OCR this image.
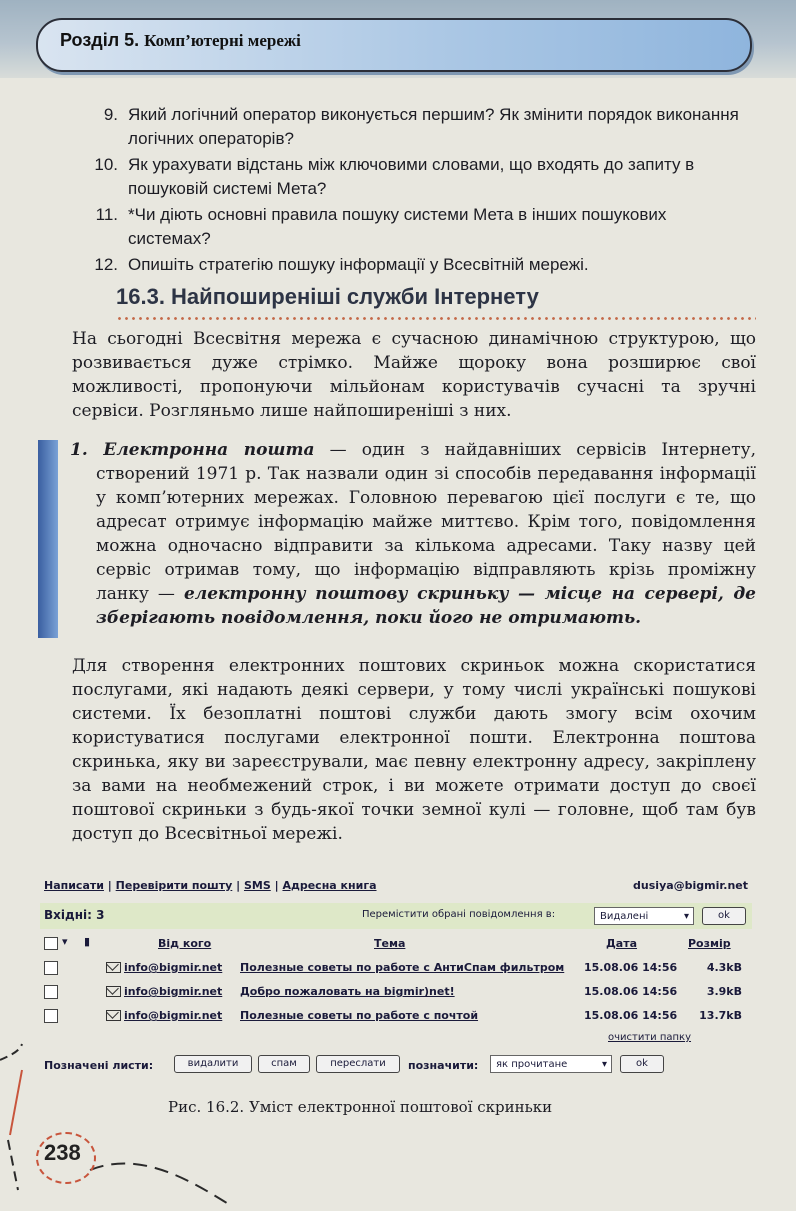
Розділ 5. Комп’ютерні мережі
9. Який логічний оператор виконується першим? Як змінити порядок виконання логічних операторів?
10. Як урахувати відстань між ключовими словами, що входять до запиту в пошуковій системі Мета?
11. *Чи діють основні правила пошуку системи Мета в інших пошукових системах?
12. Опишіть стратегію пошуку інформації у Всесвітній мережі.
16.3. Найпоширеніші служби Інтернету
На сьогодні Всесвітня мережа є сучасною динамічною структурою, що розвивається дуже стрімко. Майже щороку вона розширює свої можливості, пропонуючи мільйонам користувачів сучасні та зручні сервіси. Розгляньмо лише найпоширеніші з них.
1. Електронна пошта — один з найдавніших сервісів Інтернету, створений 1971 р. Так назвали один зі способів передавання інформації у комп’ютерних мережах. Головною перевагою цієї послуги є те, що адресат отримує інформацію майже миттєво. Крім того, повідомлення можна одночасно відправити за кількома адресами. Таку назву цей сервіс отримав тому, що інформацію відправляють крізь проміжну ланку — електронну поштову скриньку — місце на сервері, де зберігають повідомлення, поки його не отримають.
Для створення електронних поштових скриньок можна скористатися послугами, які надають деякі сервери, у тому числі українські пошукові системи. Їх безоплатні поштові служби дають змогу всім охочим користуватися послугами електронної пошти. Електронна поштова скринька, яку ви зареєстрували, має певну електронну адресу, закріплену за вами на необмежений строк, і ви можете отримати доступ до своєї поштової скриньки з будь-якої точки земної кулі — головне, щоб там був доступ до Всесвітньої мережі.
Написати | Перевірити пошту | SMS | Адресна книга	dusiya@bigmir.net
Вхідні: 3	Перемістити обрані повідомлення в:	Видалені	▾	ok
▾ ▮	Від кого	Тема	Дата	Розмір
info@bigmir.net Полезные советы по работе с АнтиСпам фильтром 15.08.06 14:56	4.3kB
info@bigmir.net Добро пожаловать на bigmir)net!	15.08.06 14:56	3.9kB
info@bigmir.net Полезные советы по работе с почтой	15.08.06 14:56 13.7kB
очистити папку
Позначені листи:	видалити	спам	переслати	позначити:	як прочитане	▾	ok
Рис. 16.2. Уміст електронної поштової скриньки
238
